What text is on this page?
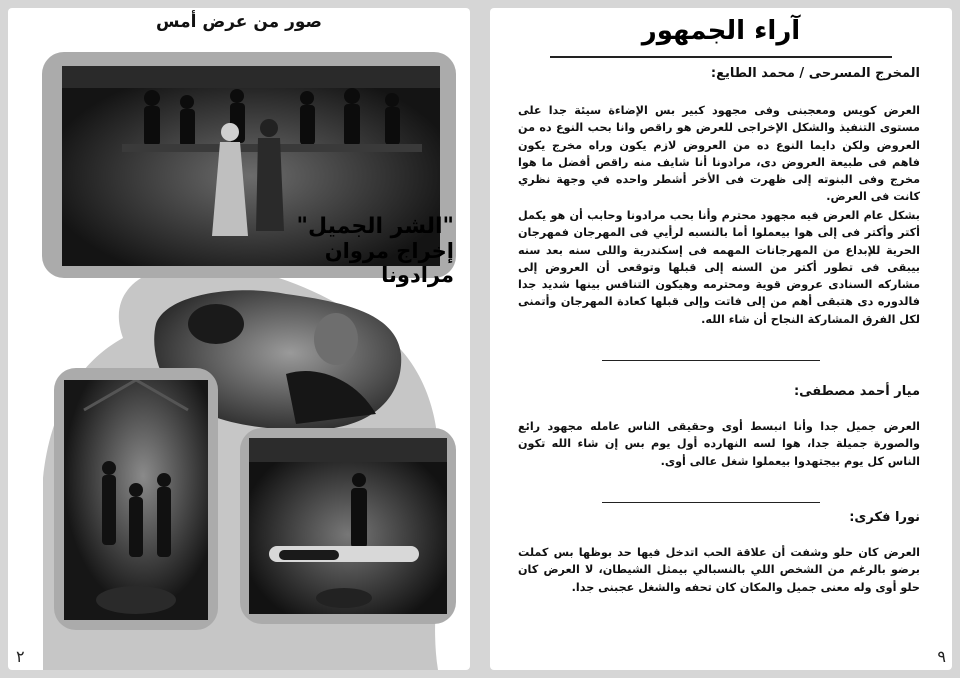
صور من عرض أمس
"الشر الجميل"
إخراج مروان مرادونا
٢
آراء الجمهور
المخرج المسرحى / محمد الطايع:
العرض كويس ومعجبنى وفى مجهود كبير بس الإضاءة سيئة جدا على مستوى التنفيذ والشكل الإخراجى للعرض هو راقص وانا بحب النوع ده من العروض ولكن دايما النوع ده من العروض لازم يكون وراه مخرج يكون فاهم فى طبيعة العروض دى، مرادونا أنا شايف منه راقص أفضل ما هوا مخرج وفى البنوته إلى ظهرت فى الأخر أشطر واحده في وجهة نظري كانت فى العرض.
بشكل عام العرض فيه مجهود محترم وأنا بحب مرادونا وحابب أن هو يكمل أكتر وأكتر فى إلى هوا بيعملوا أما بالنسبه لرأيي فى المهرجان فمهرجان الحرية للإبداع من المهرجانات المهمه فى إسكندرية واللى سنه بعد سنه بيبقى فى تطور أكتر من السنه إلى قبلها وتوقعى أن العروض إلى مشاركه السنادى عروض قوية ومحترمه وهيكون التنافس بينها شديد جدا فالدوره دى هتبقى أهم من إلى فاتت وإلى قبلها كعادة المهرجان وأتمنى لكل الفرق المشاركة النجاح أن شاء الله.
ميار أحمد مصطفى:
العرض جميل جدا وأنا انبسط أوى وحقيقى الناس عامله مجهود رائع والصورة جميلة جدا، هوا لسه النهارده أول يوم بس إن شاء الله تكون الناس كل يوم بيجتهدوا بيعملوا شغل عالى أوى.
نورا فكرى:
العرض كان حلو وشفت أن علاقة الحب اتدخل فيها حد بوظها بس كملت برضو بالرغم من الشخص اللي بالنسبالي بيمثل الشيطان، لا العرض كان حلو أوى وله معنى جميل والمكان كان تحفه والشغل عجبنى جدا.
٩
